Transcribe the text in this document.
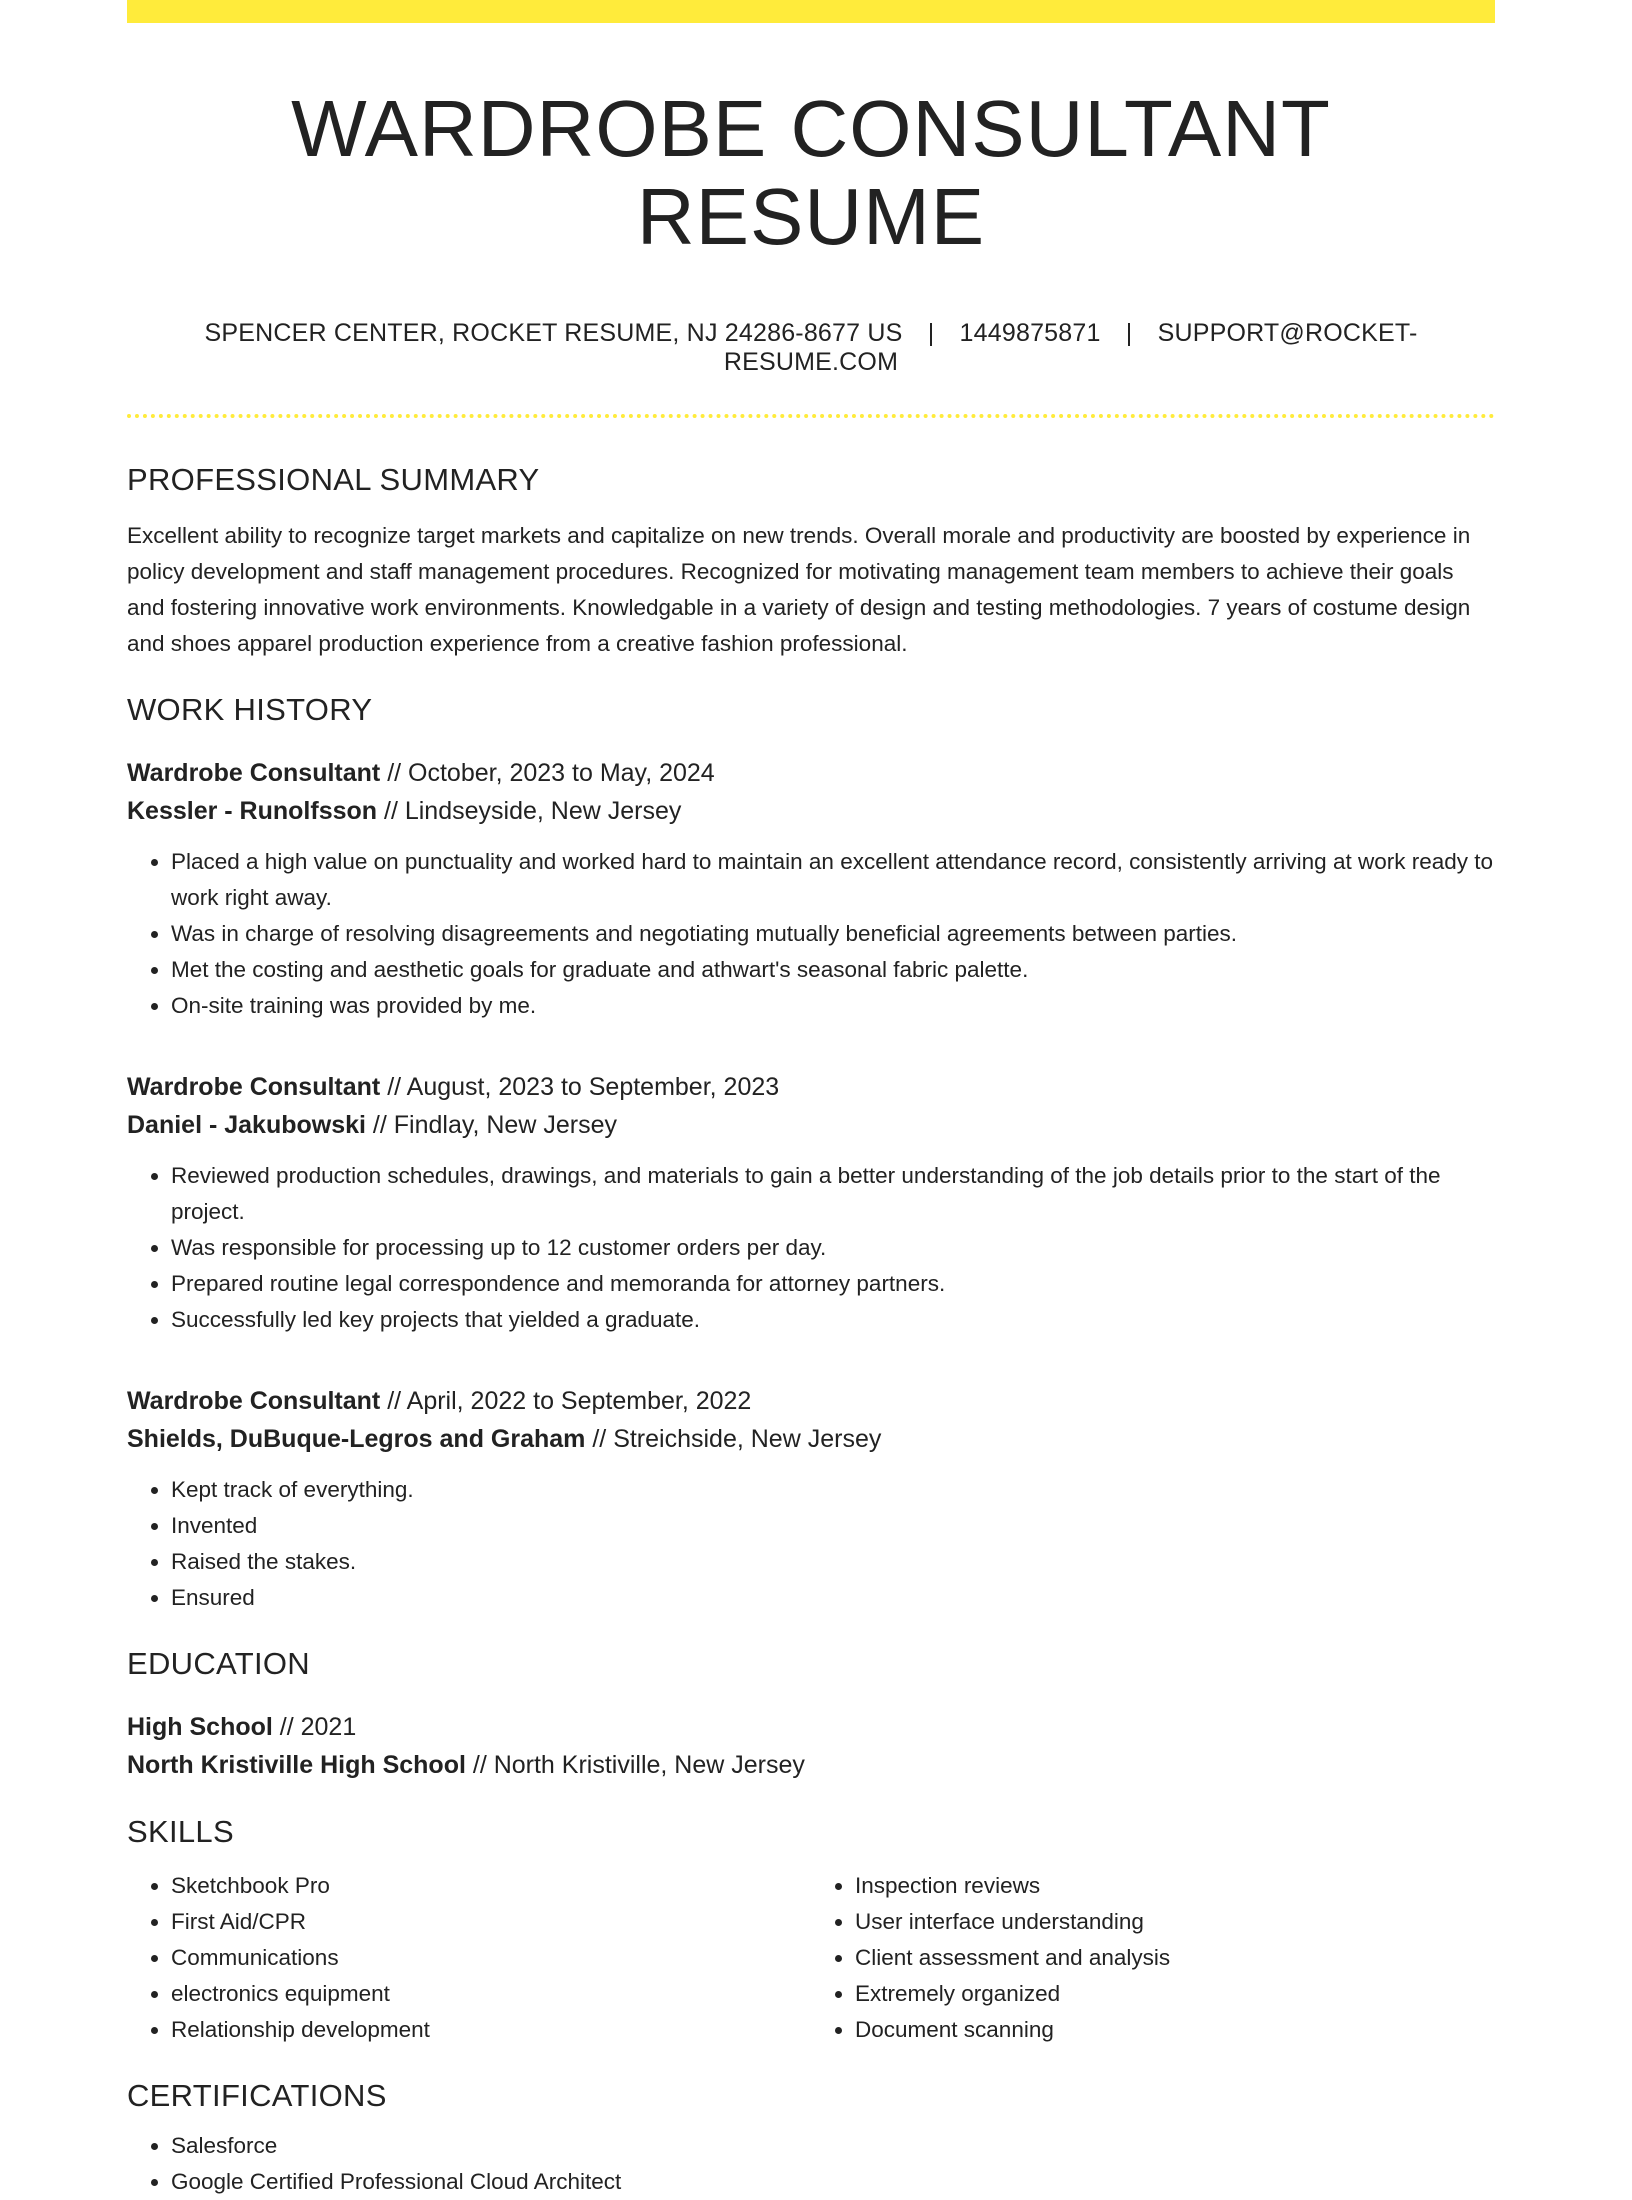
WARDROBE CONSULTANT RESUME
SPENCER CENTER, ROCKET RESUME, NJ 24286-8677 US | 1449875871 | SUPPORT@ROCKET-RESUME.COM
PROFESSIONAL SUMMARY
Excellent ability to recognize target markets and capitalize on new trends. Overall morale and productivity are boosted by experience in policy development and staff management procedures. Recognized for motivating management team members to achieve their goals and fostering innovative work environments. Knowledgable in a variety of design and testing methodologies. 7 years of costume design and shoes apparel production experience from a creative fashion professional.
WORK HISTORY
Wardrobe Consultant // October, 2023 to May, 2024
Kessler - Runolfsson // Lindseyside, New Jersey
• Placed a high value on punctuality and worked hard to maintain an excellent attendance record, consistently arriving at work ready to work right away.
• Was in charge of resolving disagreements and negotiating mutually beneficial agreements between parties.
• Met the costing and aesthetic goals for graduate and athwart's seasonal fabric palette.
• On-site training was provided by me.
Wardrobe Consultant // August, 2023 to September, 2023
Daniel - Jakubowski // Findlay, New Jersey
• Reviewed production schedules, drawings, and materials to gain a better understanding of the job details prior to the start of the project.
• Was responsible for processing up to 12 customer orders per day.
• Prepared routine legal correspondence and memoranda for attorney partners.
• Successfully led key projects that yielded a graduate.
Wardrobe Consultant // April, 2022 to September, 2022
Shields, DuBuque-Legros and Graham // Streichside, New Jersey
• Kept track of everything.
• Invented
• Raised the stakes.
• Ensured
EDUCATION
High School // 2021
North Kristiville High School // North Kristiville, New Jersey
SKILLS
• Sketchbook Pro
• First Aid/CPR
• Communications
• electronics equipment
• Relationship development
• Inspection reviews
• User interface understanding
• Client assessment and analysis
• Extremely organized
• Document scanning
CERTIFICATIONS
• Salesforce
• Google Certified Professional Cloud Architect
